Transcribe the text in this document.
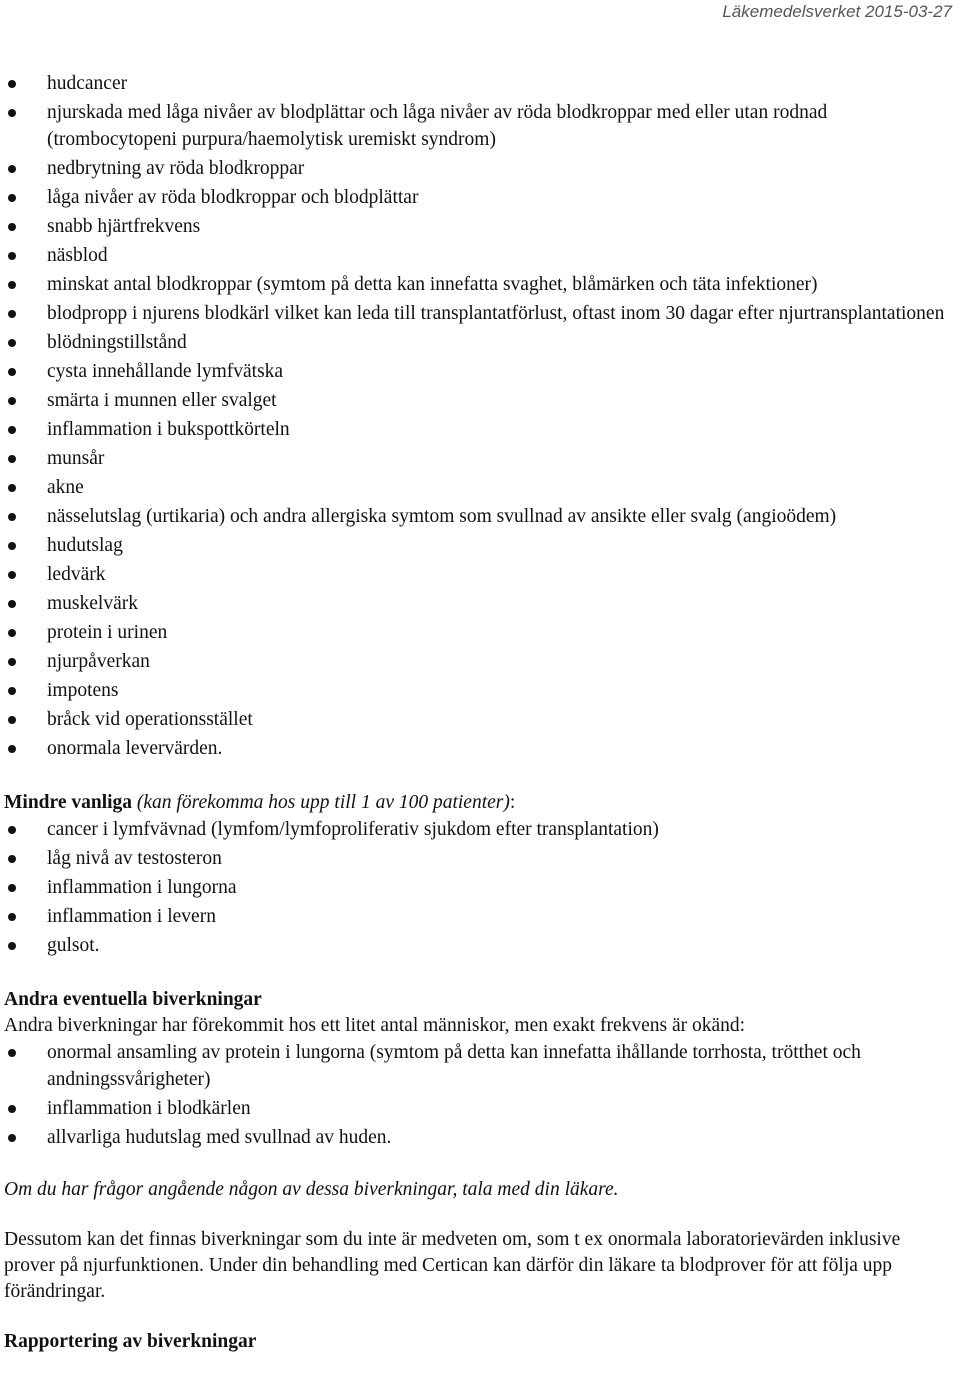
Läkemedelsverket 2015-03-27
hudcancer
njurskada med låga nivåer av blodplättar och låga nivåer av röda blodkroppar med eller utan rodnad (trombocytopeni purpura/haemolytisk uremiskt syndrom)
nedbrytning av röda blodkroppar
låga nivåer av röda blodkroppar och blodplättar
snabb hjärtfrekvens
näsblod
minskat antal blodkroppar (symtom på detta kan innefatta svaghet, blåmärken och täta infektioner)
blodpropp i njurens blodkärl vilket kan leda till transplantatförlust, oftast inom 30 dagar efter njurtransplantationen
blödningstillstånd
cysta innehållande lymfvätska
smärta i munnen eller svalget
inflammation i bukspottkörteln
munsår
akne
nässelutslag (urtikaria) och andra allergiska symtom som svullnad av ansikte eller svalg (angioödem)
hudutslag
ledvärk
muskelvärk
protein i urinen
njurpåverkan
impotens
bråck vid operationsstället
onormala levervärden.

Mindre vanliga (kan förekomma hos upp till 1 av 100 patienter):

cancer i lymfvävnad (lymfom/lymfoproliferativ sjukdom efter transplantation)
låg nivå av testosteron
inflammation i lungorna
inflammation i levern
gulsot.

Andra eventuella biverkningar

Andra biverkningar har förekommit hos ett litet antal människor, men exakt frekvens är okänd:

onormal ansamling av protein i lungorna (symtom på detta kan innefatta ihållande torrhosta, trötthet och andningssvårigheter)
inflammation i blodkärlen
allvarliga hudutslag med svullnad av huden.

Om du har frågor angående någon av dessa biverkningar, tala med din läkare.

Dessutom kan det finnas biverkningar som du inte är medveten om, som t ex onormala laboratorievärden inklusive prover på njurfunktionen. Under din behandling med Certican kan därför din läkare ta blodprover för att följa upp förändringar.

Rapportering av biverkningar
